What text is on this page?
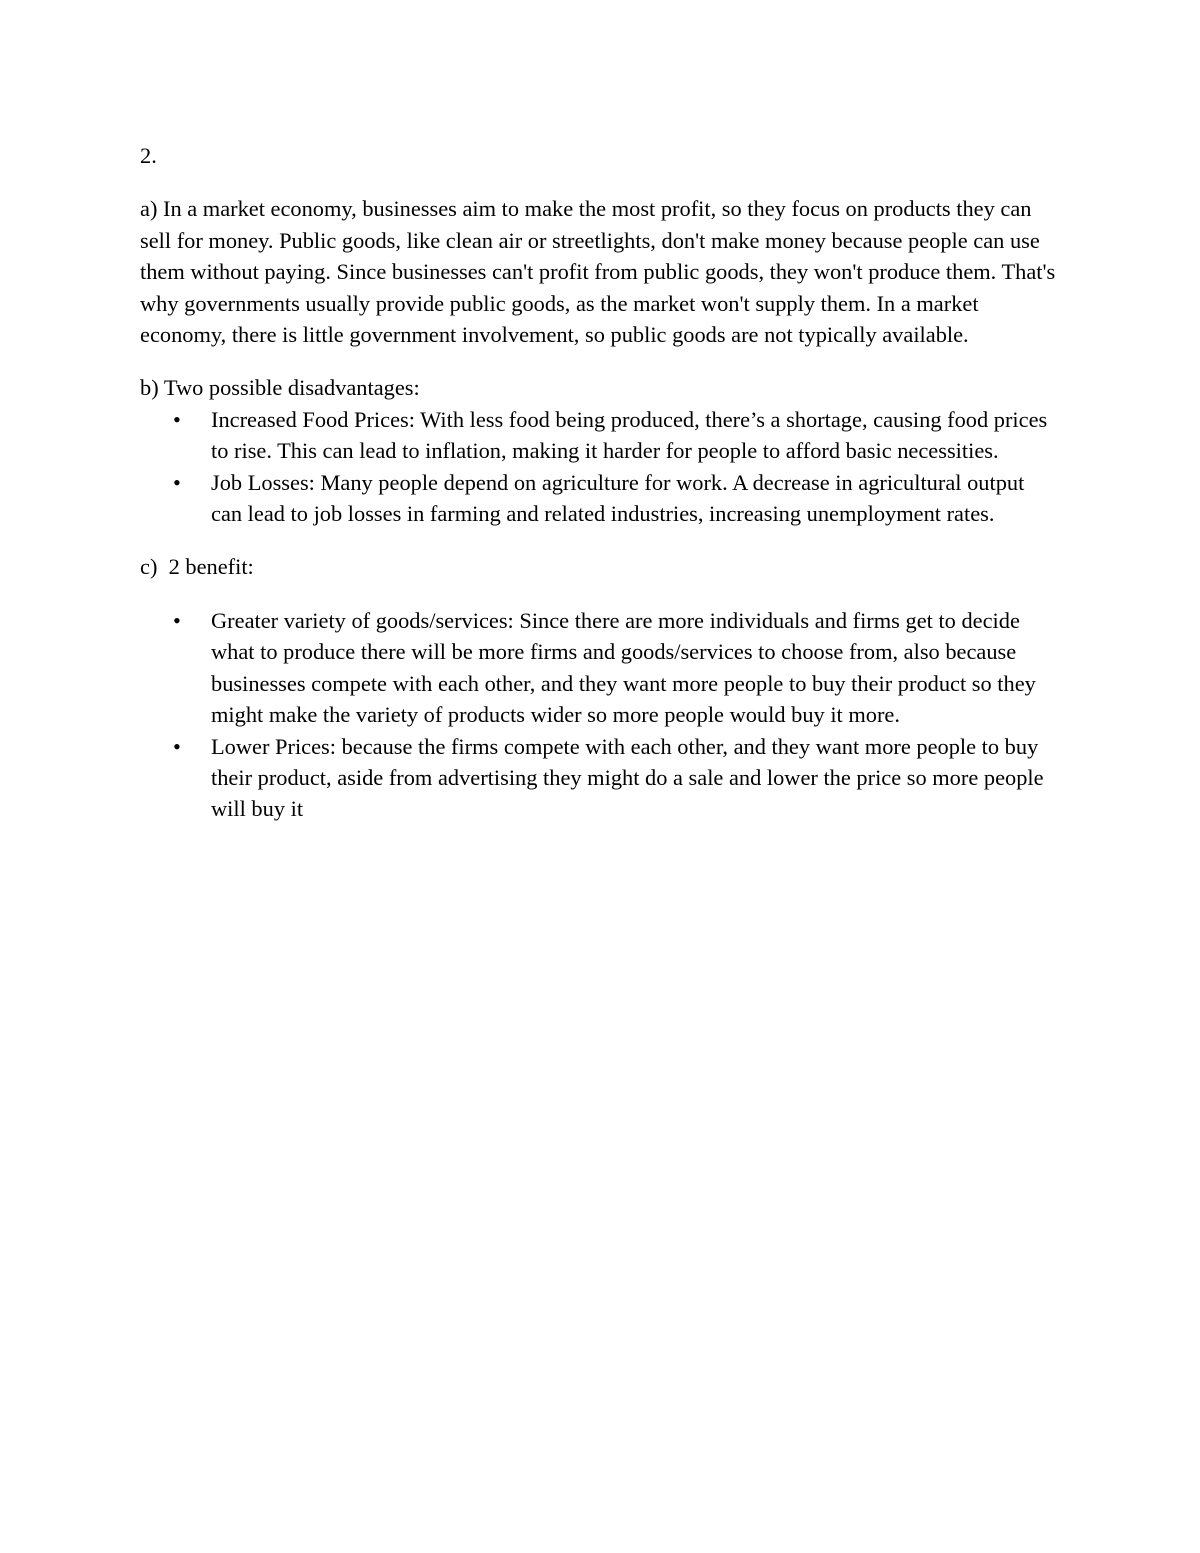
2.

a) In a market economy, businesses aim to make the most profit, so they focus on products they can sell for money. Public goods, like clean air or streetlights, don't make money because people can use them without paying. Since businesses can't profit from public goods, they won't produce them. That's why governments usually provide public goods, as the market won't supply them. In a market economy, there is little government involvement, so public goods are not typically available.

b) Two possible disadvantages:

• Increased Food Prices: With less food being produced, there’s a shortage, causing food prices to rise. This can lead to inflation, making it harder for people to afford basic necessities.
• Job Losses: Many people depend on agriculture for work. A decrease in agricultural output can lead to job losses in farming and related industries, increasing unemployment rates.

c)  2 benefit:

• Greater variety of goods/services: Since there are more individuals and firms get to decide what to produce there will be more firms and goods/services to choose from, also because businesses compete with each other, and they want more people to buy their product so they might make the variety of products wider so more people would buy it more.
• Lower Prices: because the firms compete with each other, and they want more people to buy their product, aside from advertising they might do a sale and lower the price so more people will buy it
